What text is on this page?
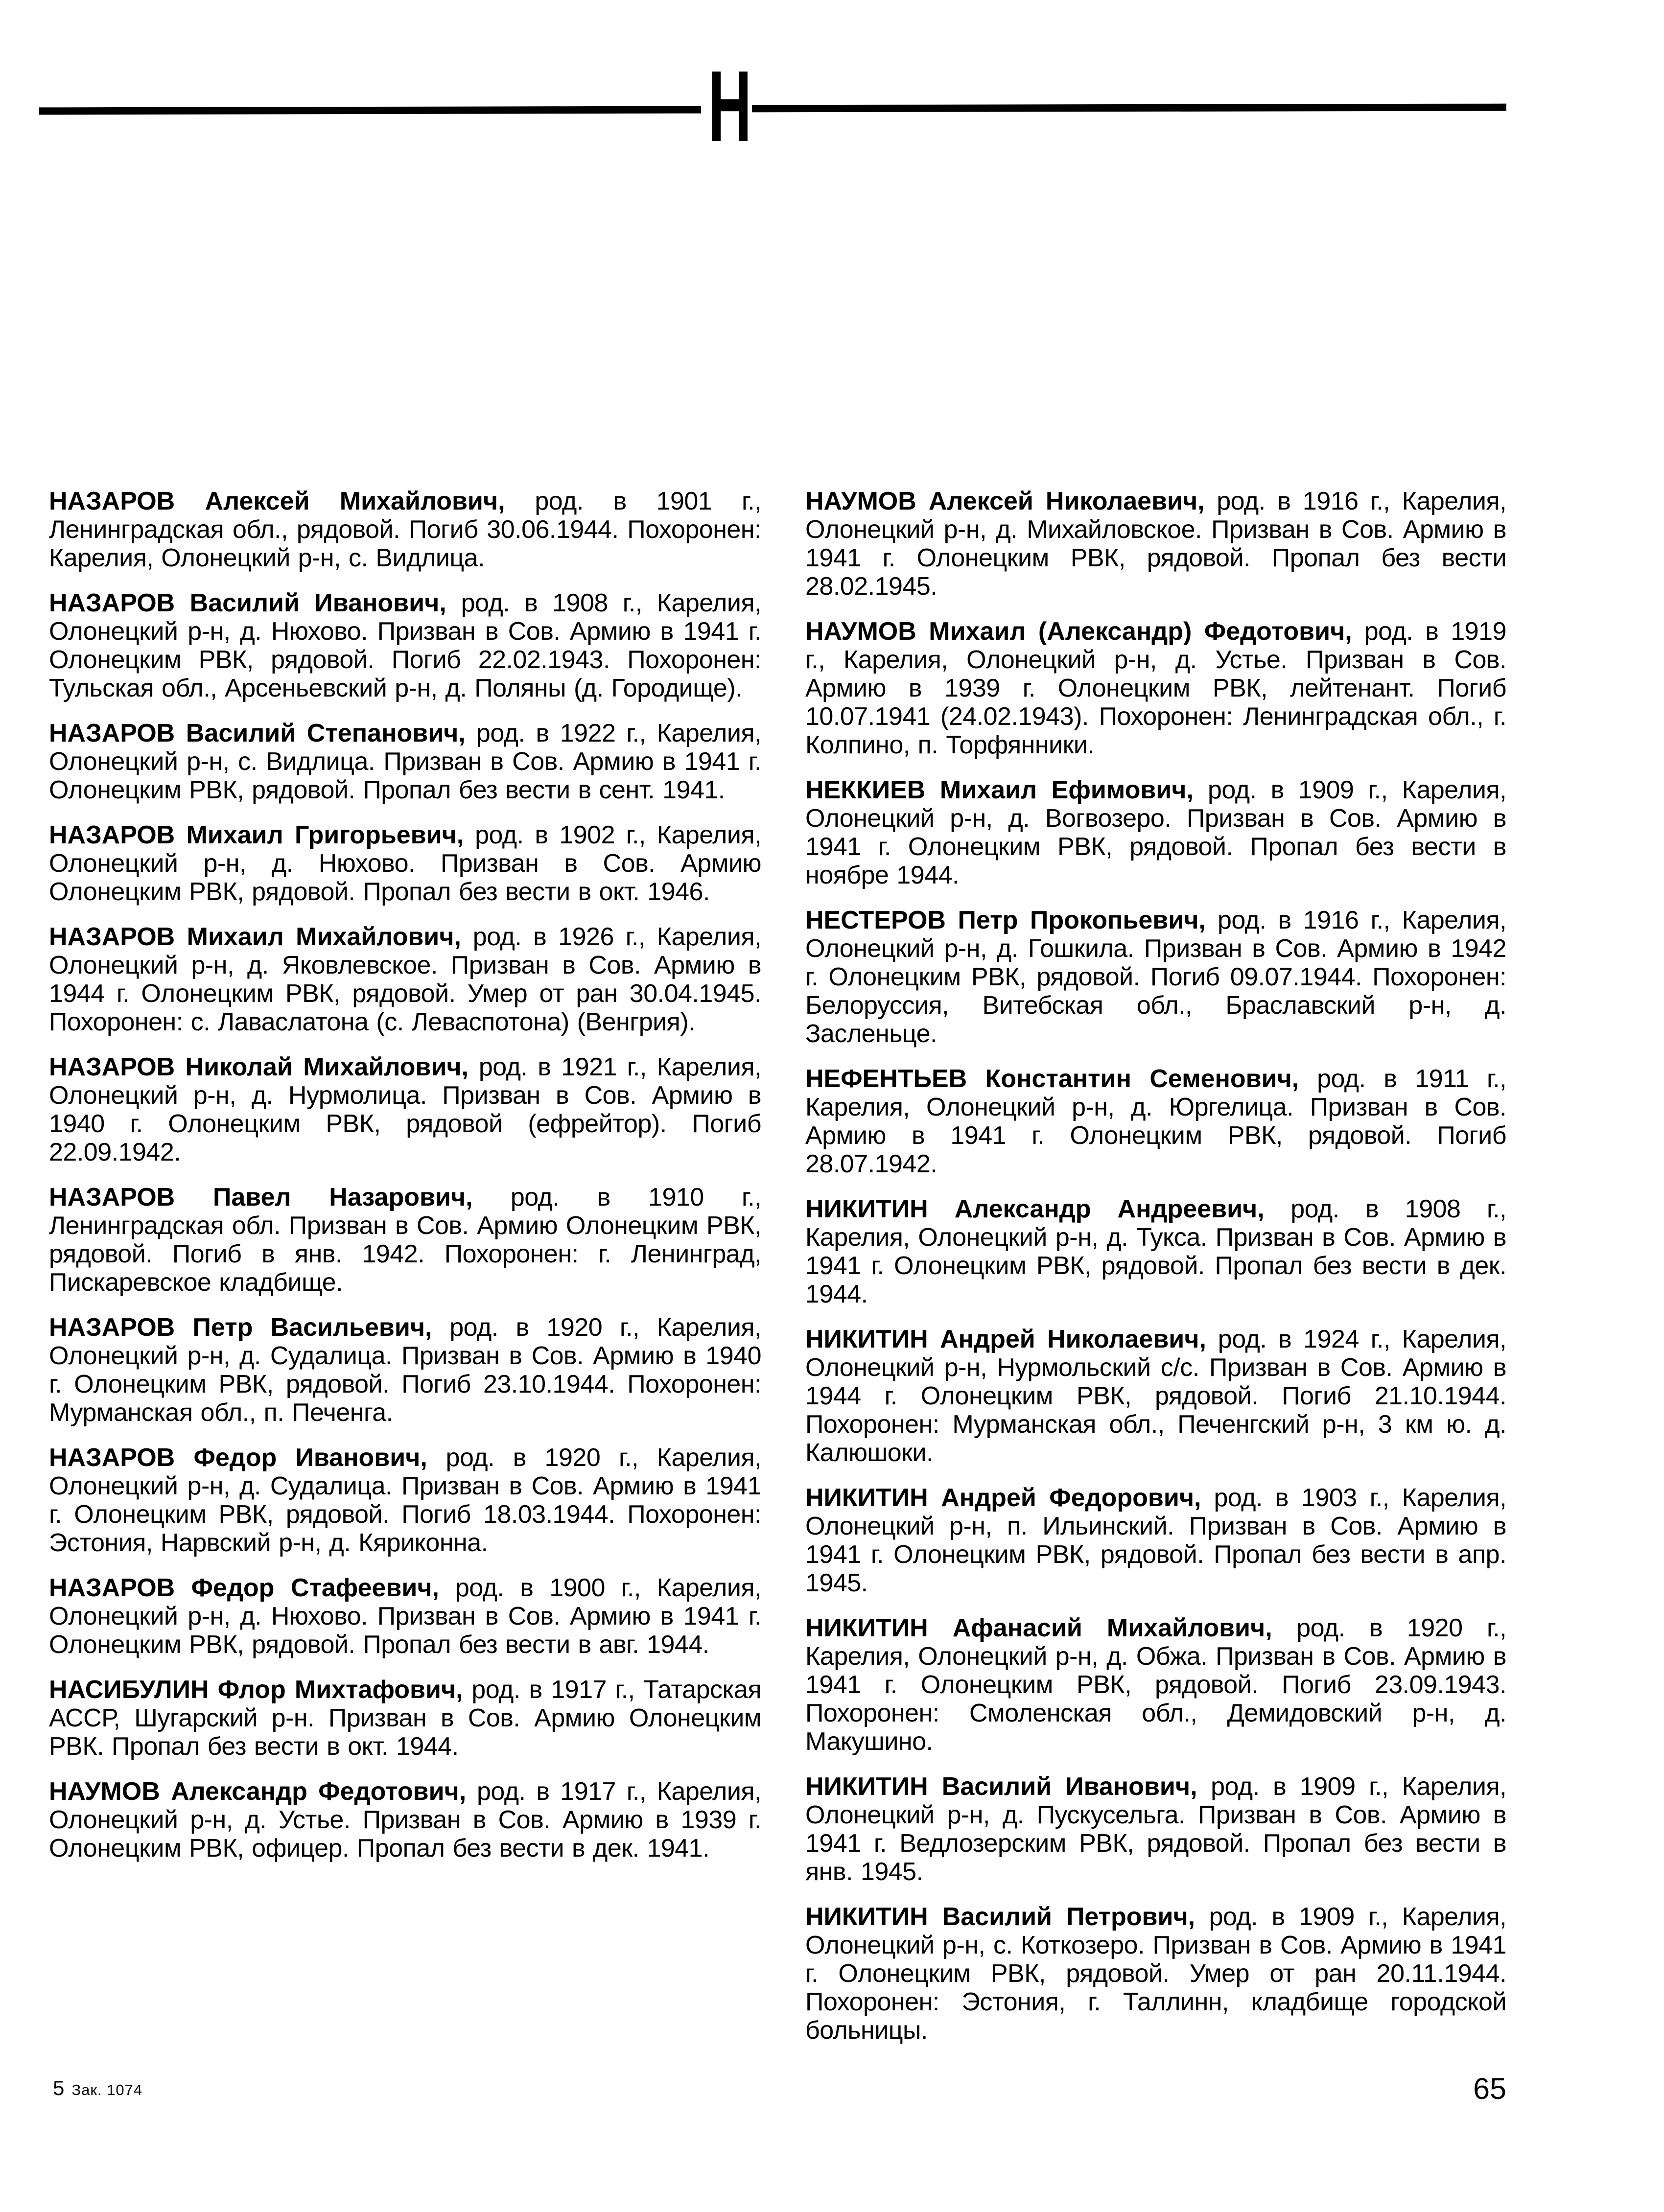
Н

НАЗАРОВ Алексей Михайлович, род. в 1901 г., Ленинградская обл., рядовой. Погиб 30.06.1944. Похоронен: Карелия, Олонецкий р-н, с. Видлица.

НАЗАРОВ Василий Иванович, род. в 1908 г., Карелия, Олонецкий р-н, д. Нюхово. Призван в Сов. Армию в 1941 г. Олонецким РВК, рядовой. Погиб 22.02.1943. Похоронен: Тульская обл., Арсеньевский р-н, д. Поляны (д. Городище).

НАЗАРОВ Василий Степанович, род. в 1922 г., Карелия, Олонецкий р-н, с. Видлица. Призван в Сов. Армию в 1941 г. Олонецким РВК, рядовой. Пропал без вести в сент. 1941.

НАЗАРОВ Михаил Григорьевич, род. в 1902 г., Карелия, Олонецкий р-н, д. Нюхово. Призван в Сов. Армию Олонецким РВК, рядовой. Пропал без вести в окт. 1946.

НАЗАРОВ Михаил Михайлович, род. в 1926 г., Карелия, Олонецкий р-н, д. Яковлевское. Призван в Сов. Армию в 1944 г. Олонецким РВК, рядовой. Умер от ран 30.04.1945. Похоронен: с. Лаваслатона (с. Леваспотона) (Венгрия).

НАЗАРОВ Николай Михайлович, род. в 1921 г., Карелия, Олонецкий р-н, д. Нурмолица. Призван в Сов. Армию в 1940 г. Олонецким РВК, рядовой (ефрейтор). Погиб 22.09.1942.

НАЗАРОВ Павел Назарович, род. в 1910 г., Ленинградская обл. Призван в Сов. Армию Олонецким РВК, рядовой. Погиб в янв. 1942. Похоронен: г. Ленинград, Пискаревское кладбище.

НАЗАРОВ Петр Васильевич, род. в 1920 г., Карелия, Олонецкий р-н, д. Судалица. Призван в Сов. Армию в 1940 г. Олонецким РВК, рядовой. Погиб 23.10.1944. Похоронен: Мурманская обл., п. Печенга.

НАЗАРОВ Федор Иванович, род. в 1920 г., Карелия, Олонецкий р-н, д. Судалица. Призван в Сов. Армию в 1941 г. Олонецким РВК, рядовой. Погиб 18.03.1944. Похоронен: Эстония, Нарвский р-н, д. Кяриконна.

НАЗАРОВ Федор Стафеевич, род. в 1900 г., Карелия, Олонецкий р-н, д. Нюхово. Призван в Сов. Армию в 1941 г. Олонецким РВК, рядовой. Пропал без вести в авг. 1944.

НАСИБУЛИН Флор Михтафович, род. в 1917 г., Татарская АССР, Шугарский р-н. Призван в Сов. Армию Олонецким РВК. Пропал без вести в окт. 1944.

НАУМОВ Александр Федотович, род. в 1917 г., Карелия, Олонецкий р-н, д. Устье. Призван в Сов. Армию в 1939 г. Олонецким РВК, офицер. Пропал без вести в дек. 1941.

НАУМОВ Алексей Николаевич, род. в 1916 г., Карелия, Олонецкий р-н, д. Михайловское. Призван в Сов. Армию в 1941 г. Олонецким РВК, рядовой. Пропал без вести 28.02.1945.

НАУМОВ Михаил (Александр) Федотович, род. в 1919 г., Карелия, Олонецкий р-н, д. Устье. Призван в Сов. Армию в 1939 г. Олонецким РВК, лейтенант. Погиб 10.07.1941 (24.02.1943). Похоронен: Ленинградская обл., г. Колпино, п. Торфянники.

НЕККИЕВ Михаил Ефимович, род. в 1909 г., Карелия, Олонецкий р-н, д. Вогвозеро. Призван в Сов. Армию в 1941 г. Олонецким РВК, рядовой. Пропал без вести в ноябре 1944.

НЕСТЕРОВ Петр Прокопьевич, род. в 1916 г., Карелия, Олонецкий р-н, д. Гошкила. Призван в Сов. Армию в 1942 г. Олонецким РВК, рядовой. Погиб 09.07.1944. Похоронен: Белоруссия, Витебская обл., Браславский р-н, д. Засленьце.

НЕФЕНТЬЕВ Константин Семенович, род. в 1911 г., Карелия, Олонецкий р-н, д. Юргелица. Призван в Сов. Армию в 1941 г. Олонецким РВК, рядовой. Погиб 28.07.1942.

НИКИТИН Александр Андреевич, род. в 1908 г., Карелия, Олонецкий р-н, д. Тукса. Призван в Сов. Армию в 1941 г. Олонецким РВК, рядовой. Пропал без вести в дек. 1944.

НИКИТИН Андрей Николаевич, род. в 1924 г., Карелия, Олонецкий р-н, Нурмольский с/с. Призван в Сов. Армию в 1944 г. Олонецким РВК, рядовой. Погиб 21.10.1944. Похоронен: Мурманская обл., Печенгский р-н, 3 км ю. д. Калюшоки.

НИКИТИН Андрей Федорович, род. в 1903 г., Карелия, Олонецкий р-н, п. Ильинский. Призван в Сов. Армию в 1941 г. Олонецким РВК, рядовой. Пропал без вести в апр. 1945.

НИКИТИН Афанасий Михайлович, род. в 1920 г., Карелия, Олонецкий р-н, д. Обжа. Призван в Сов. Армию в 1941 г. Олонецким РВК, рядовой. Погиб 23.09.1943. Похоронен: Смоленская обл., Демидовский р-н, д. Макушино.

НИКИТИН Василий Иванович, род. в 1909 г., Карелия, Олонецкий р-н, д. Пускусельга. Призван в Сов. Армию в 1941 г. Ведлозерским РВК, рядовой. Пропал без вести в янв. 1945.

НИКИТИН Василий Петрович, род. в 1909 г., Карелия, Олонецкий р-н, с. Коткозеро. Призван в Сов. Армию в 1941 г. Олонецким РВК, рядовой. Умер от ран 20.11.1944. Похоронен: Эстония, г. Таллинн, кладбище городской больницы.

5 Зак. 1074	65
